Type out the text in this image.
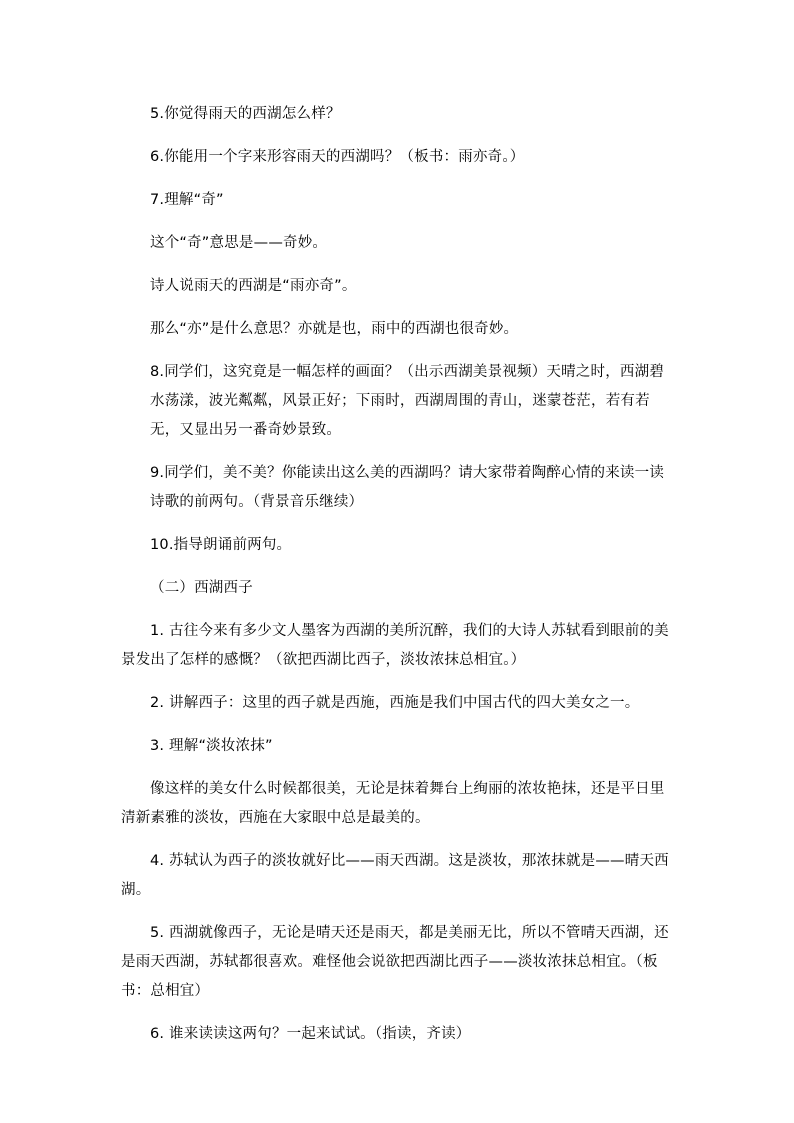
5.你觉得雨天的西湖怎么样？

6.你能用一个字来形容雨天的西湖吗？（板书：雨亦奇。）

7.理解“奇”

这个“奇”意思是——奇妙。

诗人说雨天的西湖是“雨亦奇”。

那么“亦”是什么意思？亦就是也，雨中的西湖也很奇妙。

8.同学们，这究竟是一幅怎样的画面？（出示西湖美景视频）天晴之时，西湖碧水荡漾，波光粼粼，风景正好；下雨时，西湖周围的青山，迷蒙苍茫，若有若无，又显出另一番奇妙景致。

9.同学们，美不美？你能读出这么美的西湖吗？请大家带着陶醉心情的来读一读诗歌的前两句。（背景音乐继续）

10.指导朗诵前两句。

（二）西湖西子

1. 古往今来有多少文人墨客为西湖的美所沉醉，我们的大诗人苏轼看到眼前的美景发出了怎样的感慨？（欲把西湖比西子，淡妆浓抹总相宜。）

2. 讲解西子：这里的西子就是西施，西施是我们中国古代的四大美女之一。

3. 理解“淡妆浓抹”

像这样的美女什么时候都很美，无论是抹着舞台上绚丽的浓妆艳抹，还是平日里清新素雅的淡妆，西施在大家眼中总是最美的。

4. 苏轼认为西子的淡妆就好比——雨天西湖。这是淡妆，那浓抹就是——晴天西湖。

5. 西湖就像西子，无论是晴天还是雨天，都是美丽无比，所以不管晴天西湖，还是雨天西湖，苏轼都很喜欢。难怪他会说欲把西湖比西子——淡妆浓抹总相宜。（板书：总相宜）

6. 谁来读读这两句？一起来试试。（指读，齐读）
